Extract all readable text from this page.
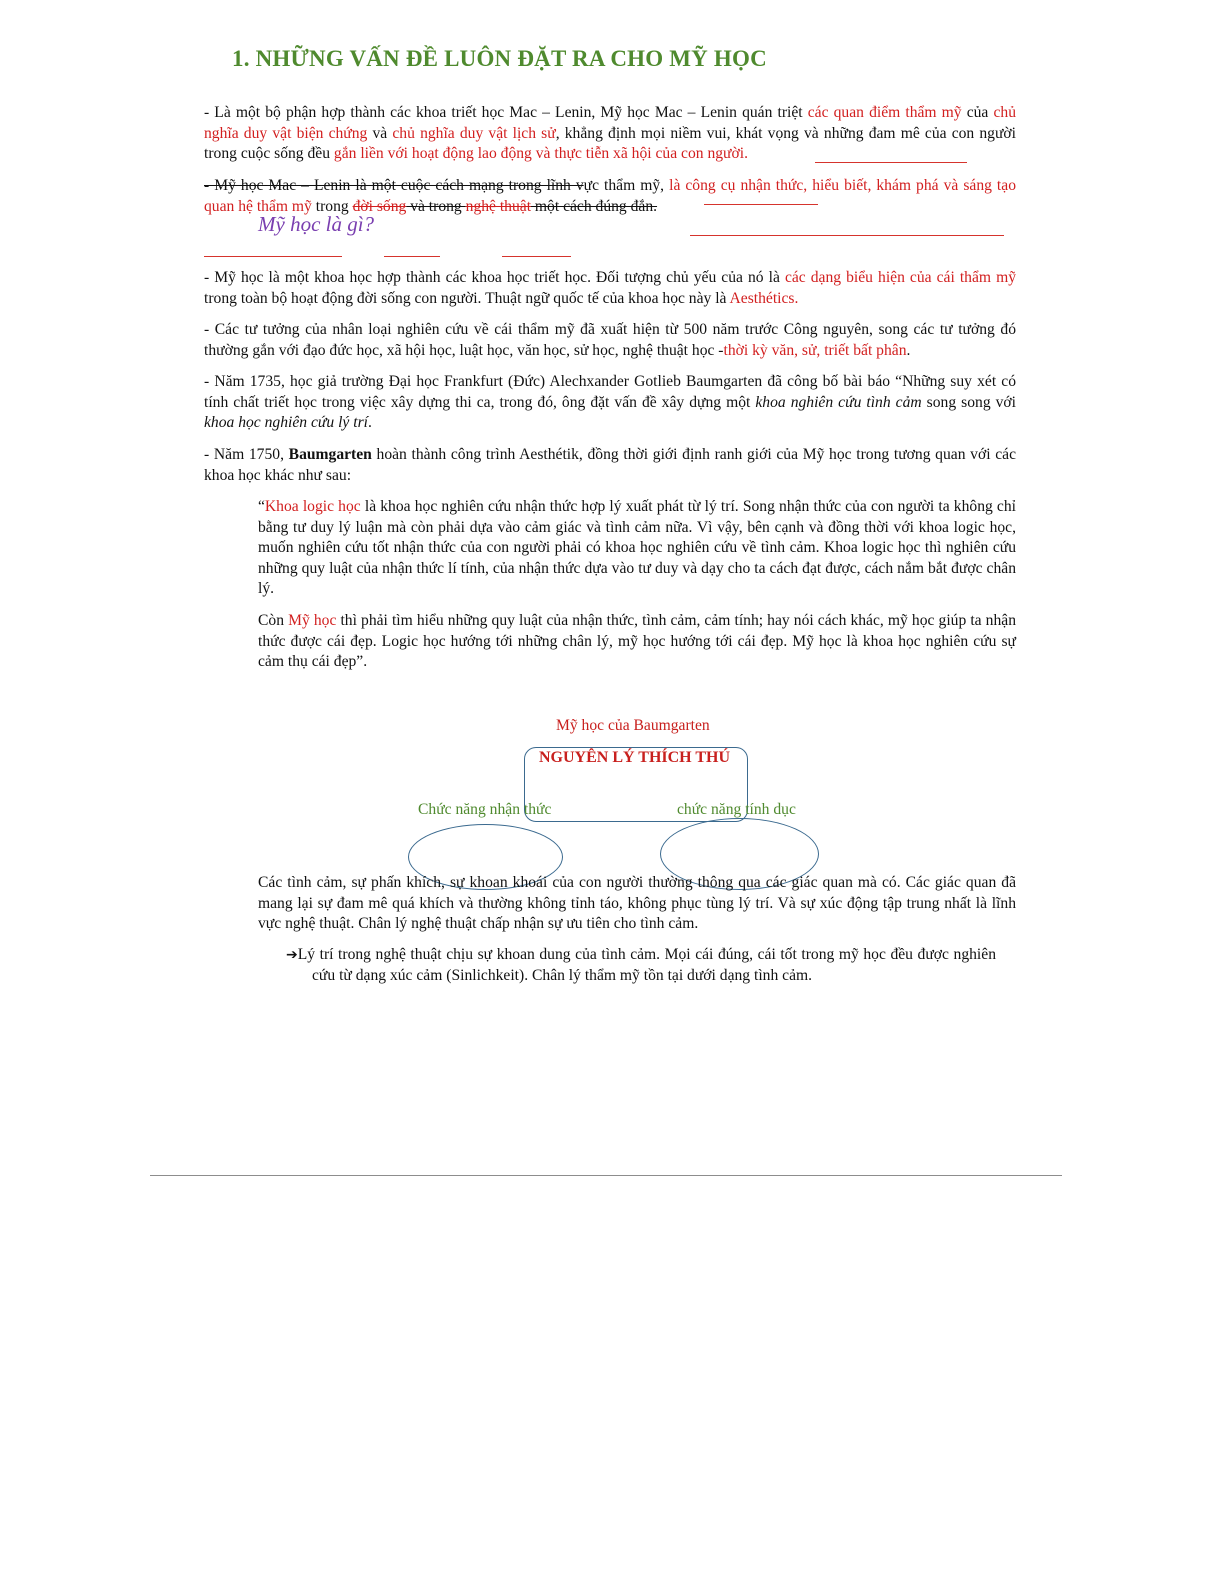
1. NHỮNG VẤN ĐỀ LUÔN ĐẶT RA CHO MỸ HỌC

- Là một bộ phận hợp thành các khoa triết học Mac – Lenin, Mỹ học Mac – Lenin quán triệt các quan điểm thẩm mỹ của chủ nghĩa duy vật biện chứng và chủ nghĩa duy vật lịch sử, khẳng định mọi niềm vui, khát vọng và những đam mê của con người trong cuộc sống đều gắn liền với hoạt động lao động và thực tiễn xã hội của con người.

- Mỹ học Mac – Lenin là một cuộc cách mạng trong lĩnh vực thẩm mỹ, là công cụ nhận thức, hiểu biết, khám phá và sáng tạo quan hệ thẩm mỹ trong đời sống và trong nghệ thuật một cách đúng đắn.

Mỹ học là gì?

- Mỹ học là một khoa học hợp thành các khoa học triết học. Đối tượng chủ yếu của nó là các dạng biểu hiện của cái thẩm mỹ trong toàn bộ hoạt động đời sống con người. Thuật ngữ quốc tế của khoa học này là Aesthétics.

- Các tư tưởng của nhân loại nghiên cứu về cái thẩm mỹ đã xuất hiện từ 500 năm trước Công nguyên, song các tư tưởng đó thường gắn với đạo đức học, xã hội học, luật học, văn học, sử học, nghệ thuật học -thời kỳ văn, sử, triết bất phân.

- Năm 1735, học giả trường Đại học Frankfurt (Đức) Alechxander Gotlieb Baumgarten đã công bố bài báo “Những suy xét có tính chất triết học trong việc xây dựng thi ca, trong đó, ông đặt vấn đề xây dựng một khoa nghiên cứu tình cảm song song với khoa học nghiên cứu lý trí.

- Năm 1750, Baumgarten hoàn thành công trình Aesthétik, đồng thời giới định ranh giới của Mỹ học trong tương quan với các khoa học khác như sau:

“Khoa logic học là khoa học nghiên cứu nhận thức hợp lý xuất phát từ lý trí. Song nhận thức của con người ta không chỉ bằng tư duy lý luận mà còn phải dựa vào cảm giác và tình cảm nữa. Vì vậy, bên cạnh và đồng thời với khoa logic học, muốn nghiên cứu tốt nhận thức của con người phải có khoa học nghiên cứu về tình cảm. Khoa logic học thì nghiên cứu những quy luật của nhận thức lí tính, của nhận thức dựa vào tư duy và dạy cho ta cách đạt được, cách nắm bắt được chân lý.

Còn Mỹ học thì phải tìm hiểu những quy luật của nhận thức, tình cảm, cảm tính; hay nói cách khác, mỹ học giúp ta nhận thức được cái đẹp. Logic học hướng tới những chân lý, mỹ học hướng tới cái đẹp. Mỹ học là khoa học nghiên cứu sự cảm thụ cái đẹp”.

Mỹ học của Baumgarten
NGUYÊN LÝ THÍCH THÚ
Chức năng nhận thức	chức năng tính dục

Các tình cảm, sự phấn khích, sự khoan khoái của con người thường thông qua các giác quan mà có. Các giác quan đã mang lại sự đam mê quá khích và thường không tỉnh táo, không phục tùng lý trí. Và sự xúc động tập trung nhất là lĩnh vực nghệ thuật. Chân lý nghệ thuật chấp nhận sự ưu tiên cho tình cảm.

➔Lý trí trong nghệ thuật chịu sự khoan dung của tình cảm. Mọi cái đúng, cái tốt trong mỹ học đều được nghiên cứu từ dạng xúc cảm (Sinlichkeit). Chân lý thẩm mỹ tồn tại dưới dạng tình cảm.
